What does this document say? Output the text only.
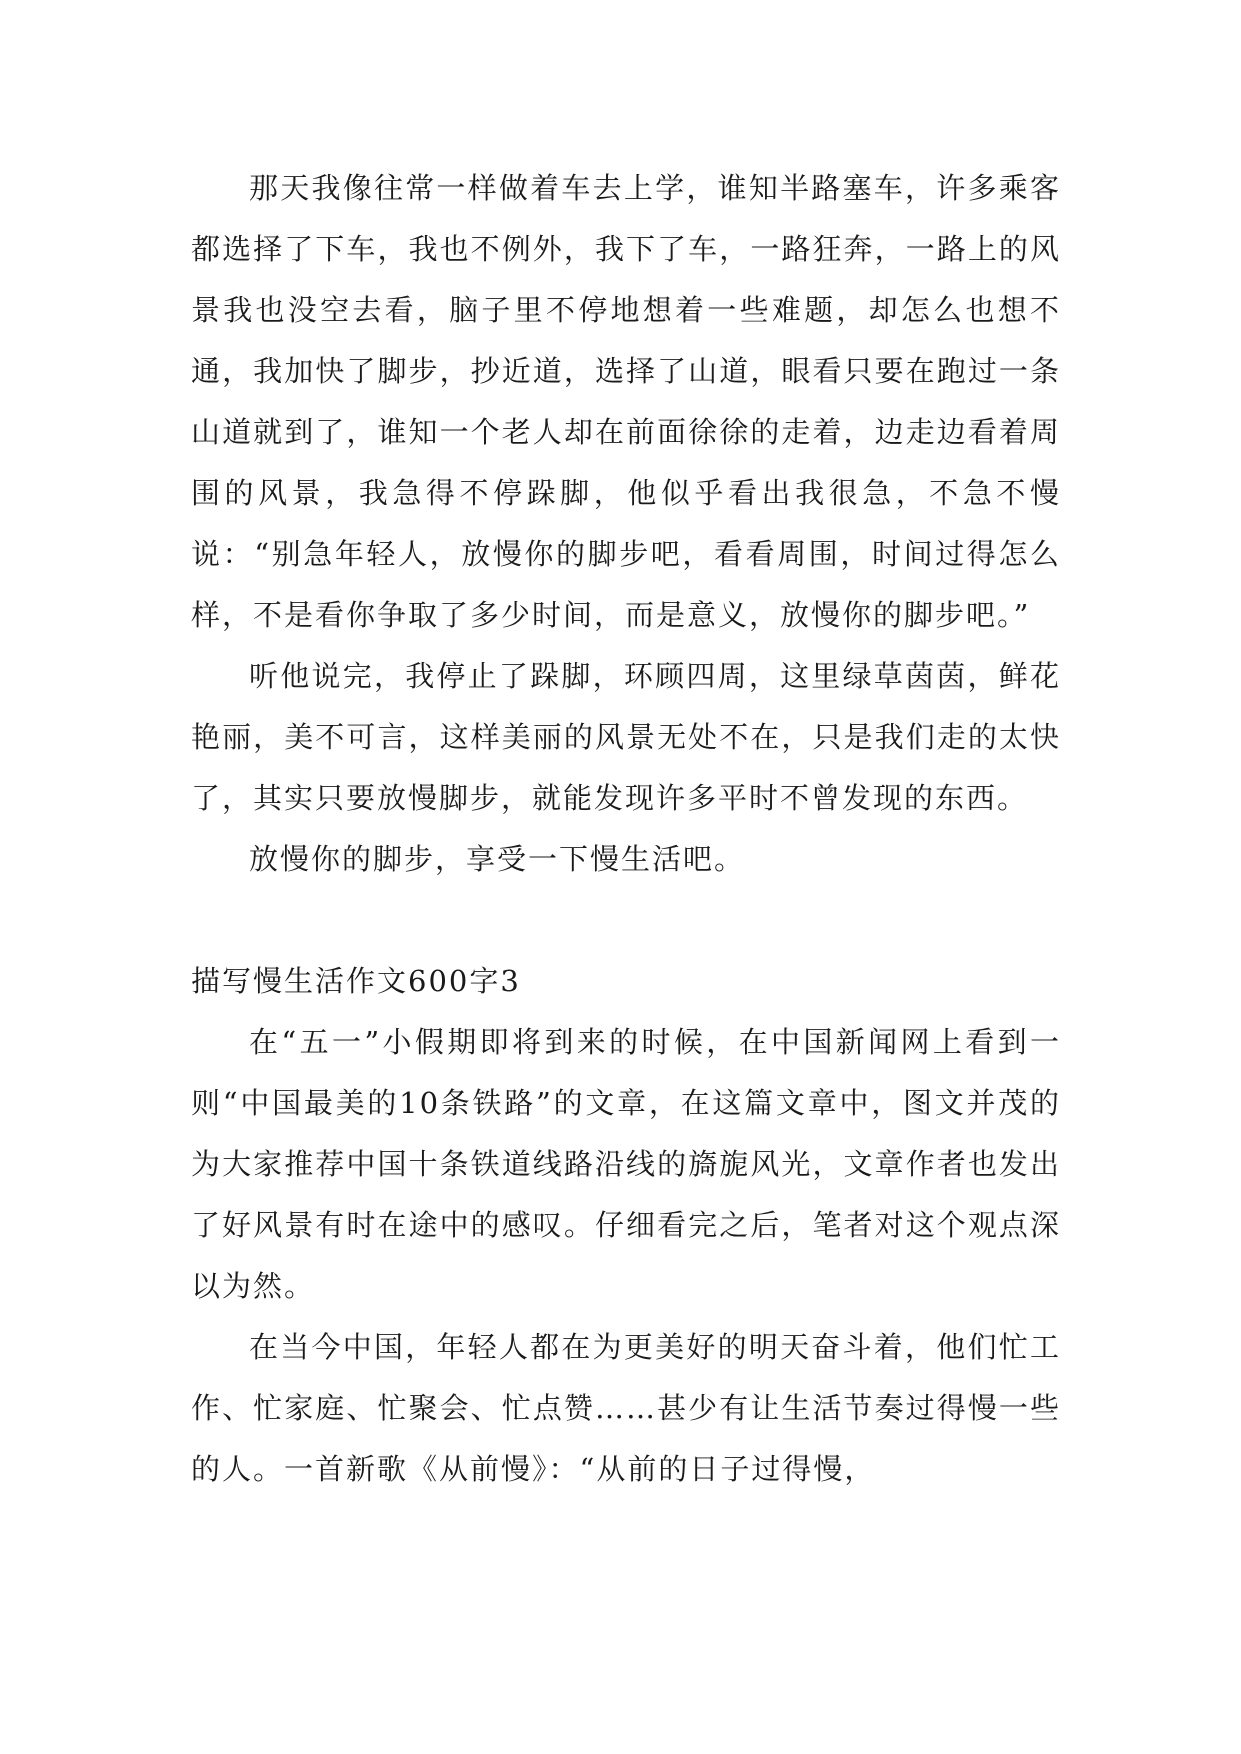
那天我像往常一样做着车去上学，谁知半路塞车，许多乘客都选择了下车，我也不例外，我下了车，一路狂奔，一路上的风景我也没空去看，脑子里不停地想着一些难题，却怎么也想不通，我加快了脚步，抄近道，选择了山道，眼看只要在跑过一条山道就到了，谁知一个老人却在前面徐徐的走着，边走边看着周围的风景，我急得不停跺脚，他似乎看出我很急，不急不慢说：“别急年轻人，放慢你的脚步吧，看看周围，时间过得怎么样，不是看你争取了多少时间，而是意义，放慢你的脚步吧。”

听他说完，我停止了跺脚，环顾四周，这里绿草茵茵，鲜花艳丽，美不可言，这样美丽的风景无处不在，只是我们走的太快了，其实只要放慢脚步，就能发现许多平时不曾发现的东西。

放慢你的脚步，享受一下慢生活吧。

描写慢生活作文600字3

在“五一”小假期即将到来的时候，在中国新闻网上看到一则“中国最美的10条铁路”的文章，在这篇文章中，图文并茂的为大家推荐中国十条铁道线路沿线的旖旎风光，文章作者也发出了好风景有时在途中的感叹。仔细看完之后，笔者对这个观点深以为然。

在当今中国，年轻人都在为更美好的明天奋斗着，他们忙工作、忙家庭、忙聚会、忙点赞……甚少有让生活节奏过得慢一些的人。一首新歌《从前慢》：“从前的日子过得慢，
